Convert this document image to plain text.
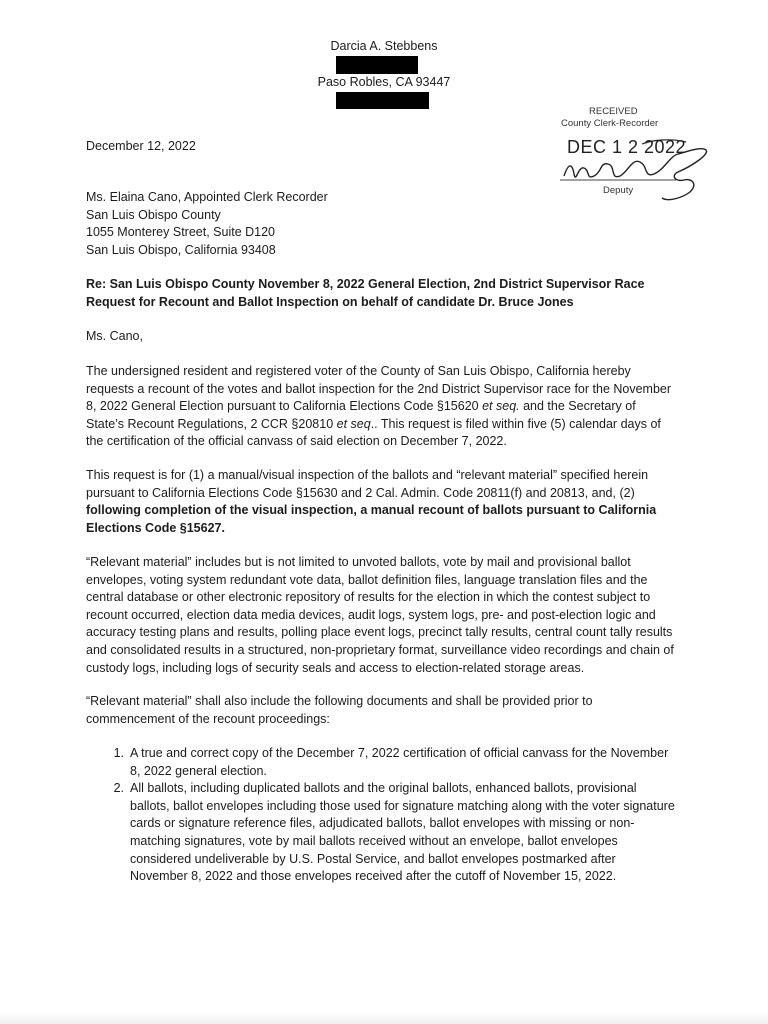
Darcia A. Stebbens
Paso Robles, CA 93447
RECEIVED
County Clerk-Recorder
DEC 1 2 2022
Deputy
December 12, 2022

Ms. Elaina Cano, Appointed Clerk Recorder

San Luis Obispo County

1055 Monterey Street, Suite D120

San Luis Obispo, California 93408

Re: San Luis Obispo County November 8, 2022 General Election, 2nd District Supervisor Race

Request for Recount and Ballot Inspection on behalf of candidate Dr. Bruce Jones

Ms. Cano,
The undersigned resident and registered voter of the County of San Luis Obispo, California hereby requests a recount of the votes and ballot inspection for the 2nd District Supervisor race for the November 8, 2022 General Election pursuant to California Elections Code §15620 et seq. and the Secretary of State’s Recount Regulations, 2 CCR §20810 et seq.. This request is filed within five (5) calendar days of the certification of the official canvass of said election on December 7, 2022.
This request is for (1) a manual/visual inspection of the ballots and “relevant material” specified herein pursuant to California Elections Code §15630 and 2 Cal. Admin. Code 20811(f) and 20813, and, (2) following completion of the visual inspection, a manual recount of ballots pursuant to California Elections Code §15627.
“Relevant material” includes but is not limited to unvoted ballots, vote by mail and provisional ballot envelopes, voting system redundant vote data, ballot definition files, language translation files and the central database or other electronic repository of results for the election in which the contest subject to recount occurred, election data media devices, audit logs, system logs, pre- and post-election logic and accuracy testing plans and results, polling place event logs, precinct tally results, central count tally results and consolidated results in a structured, non-proprietary format, surveillance video recordings and chain of custody logs, including logs of security seals and access to election-related storage areas.
“Relevant material” shall also include the following documents and shall be provided prior to commencement of the recount proceedings:
1. A true and correct copy of the December 7, 2022 certification of official canvass for the November 8, 2022 general election.
2. All ballots, including duplicated ballots and the original ballots, enhanced ballots, provisional ballots, ballot envelopes including those used for signature matching along with the voter signature cards or signature reference files, adjudicated ballots, ballot envelopes with missing or non-matching signatures, vote by mail ballots received without an envelope, ballot envelopes considered undeliverable by U.S. Postal Service, and ballot envelopes postmarked after November 8, 2022 and those envelopes received after the cutoff of November 15, 2022.
